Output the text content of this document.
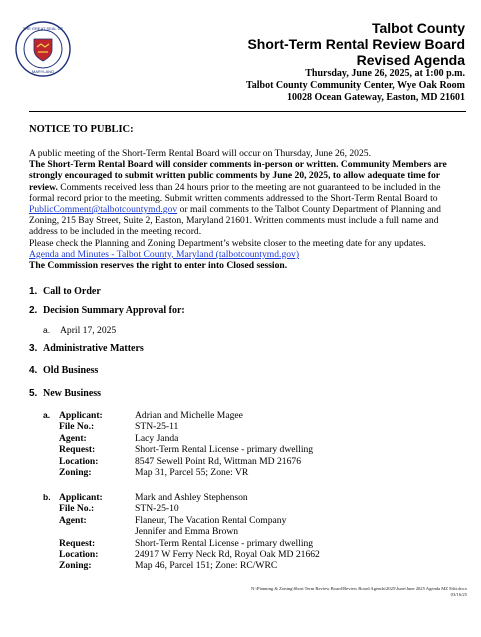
THE GREAT SEAL OF
MARYLAND
Talbot County
Short-Term Rental Review Board
Revised Agenda
Thursday, June 26, 2025, at 1:00 p.m.
Talbot County Community Center, Wye Oak Room
10028 Ocean Gateway, Easton, MD 21601
NOTICE TO PUBLIC:

A public meeting of the Short-Term Rental Board will occur on Thursday, June 26, 2025.

The Short-Term Rental Board will consider comments in-person or written. Community Members are strongly encouraged to submit written public comments by June 20, 2025, to allow adequate time for review. Comments received less than 24 hours prior to the meeting are not guaranteed to be included in the formal record prior to the meeting. Submit written comments addressed to the Short-Term Rental Board to PublicComment@talbotcountymd.gov or mail comments to the Talbot County Department of Planning and Zoning, 215 Bay Street, Suite 2, Easton, Maryland 21601. Written comments must include a full name and address to be included in the meeting record.

Please check the Planning and Zoning Department’s website closer to the meeting date for any updates.

Agenda and Minutes - Talbot County, Maryland (talbotcountymd.gov)

The Commission reserves the right to enter into Closed session.

1. Call to Order
2. Decision Summary Approval for:
a. April 17, 2025
3. Administrative Matters
4. Old Business
5. New Business
a. Applicant:	Adrian and Michelle Magee
File No.:	STN-25-11
Agent:	Lacy Janda
Request:	Short-Term Rental License - primary dwelling
Location:	8547 Sewell Point Rd, Wittman MD 21676
Zoning:	Map 31, Parcel 55; Zone: VR
b. Applicant:	Mark and Ashley Stephenson
File No.:	STN-25-10
Agent:	Flaneur, The Vacation Rental Company
Jennifer and Emma Brown
Request:	Short-Term Rental License - primary dwelling
Location:	24917 W Ferry Neck Rd, Royal Oak MD 21662
Zoning:	Map 46, Parcel 151; Zone: RC/WRC
N:\Planning & Zoning\Short Term Review Board\Review Board Agenda\2025\June\June 2025 Agenda MZ Edit.docx
03/16/25
